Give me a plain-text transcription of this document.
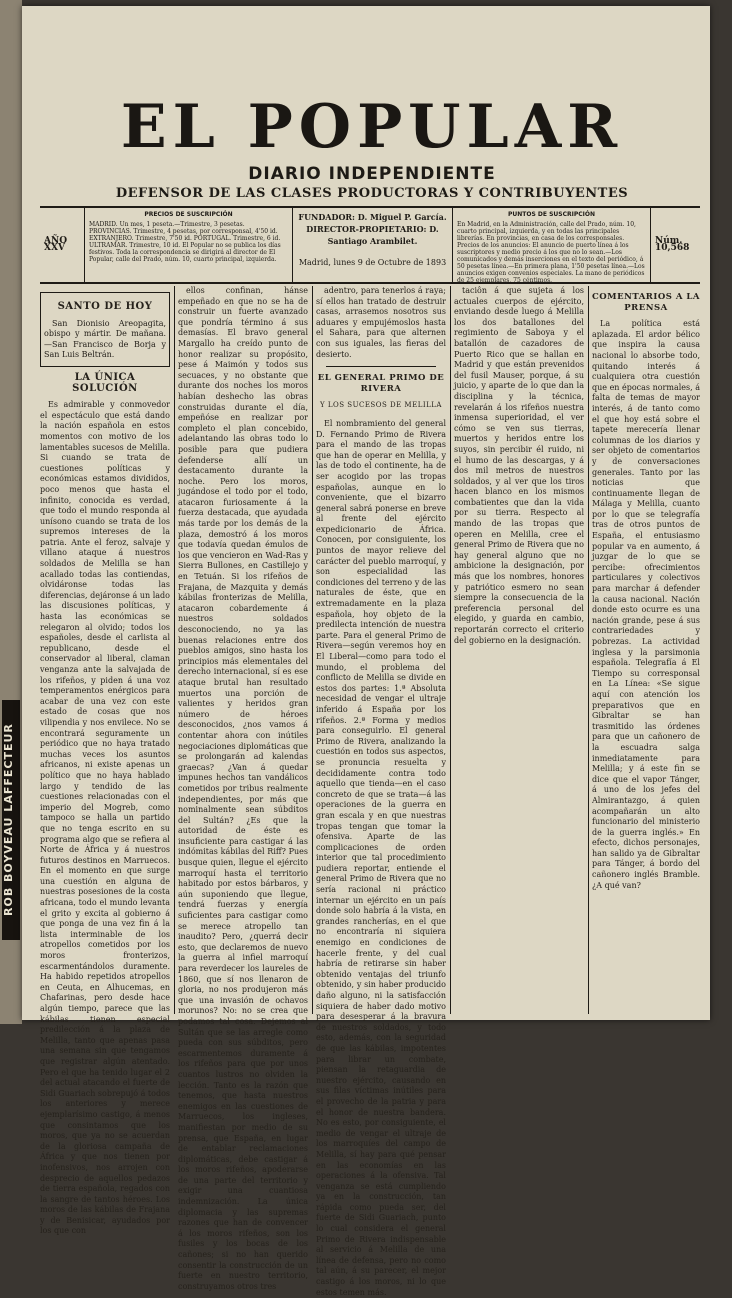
ROB BOYVEAU LAFFECTEUR
EL POPULAR
DIARIO INDEPENDIENTE
DEFENSOR DE LAS CLASES PRODUCTORAS Y CONTRIBUYENTES
AÑO XXV
PRECIOS DE SUSCRIPCIÓN
MADRID. Un mes, 1 peseta.—Trimestre, 3 pesetas. PROVINCIAS. Trimestre, 4 pesetas, por corresponsal, 4'50 id. EXTRANJERO. Trimestre, 7'50 id. PORTUGAL. Trimestre, 6 id. ULTRAMAR. Trimestre, 10 id. El Popular no se publica los días festivos. Toda la correspondencia se dirigirá al director de El Popular, calle del Prado, núm. 10, cuarto principal, izquierda.
FUNDADOR: D. Miguel P. García.
DIRECTOR-PROPIETARIO: D. Santiago Arambilet.
Madrid, lunes 9 de Octubre de 1893
PUNTOS DE SUSCRIPCIÓN
En Madrid, en la Administración, calle del Prado, núm. 10, cuarto principal, izquierda, y en todas las principales librerías. En provincias, en casa de los corresponsales. Precios de los anuncios: El anuncio de puerto línea á los suscriptores y medio precio á los que no lo sean.—Los comunicados y demás inserciones en el texto del periódico, á 50 pesetas línea.—En primera plana, 1'50 pesetas línea.—Los anuncios exigen convenios especiales. La mano de periódicos de 25 ejemplares, 75 céntimos.
Núm. 10,568
SANTO DE HOY

San Dionisio Areopagita, obispo y mártir. De mañana.—San Francisco de Borja y San Luis Beltrán.

LA ÚNICA SOLUCIÓN

Es admirable y conmovedor el espectáculo que está dando la nación española en estos momentos con motivo de los lamentables sucesos de Melilla. Si cuando se trata de cuestiones políticas y económicas estamos divididos, poco menos que hasta el infinito, conocida es verdad, que todo el mundo responda al unísono cuando se trata de los supremos intereses de la patria. Ante el feroz, salvaje y villano ataque á nuestros soldados de Melilla se han acallado todas las contiendas, olvidáronse todas las diferencias, dejáronse á un lado las discusiones políticas, y hasta las económicas se relegaron al olvido; todos los españoles, desde el carlista al republicano, desde el conservador al liberal, claman venganza ante la salvajada de los rifeños, y piden á una voz temperamentos enérgicos para acabar de una vez con este estado de cosas que nos vilipendia y nos envilece. No se encontrará seguramente un periódico que no haya tratado muchas veces los asuntos africanos, ni existe apenas un político que no haya hablado largo y tendido de las cuestiones relacionadas con el imperio del Mogreb, como tampoco se halla un partido que no tenga escrito en su programa algo que se refiera al Norte de África y á nuestros futuros destinos en Marruecos. En el momento en que surge una cuestión en alguna de nuestras posesiones de la costa africana, todo el mundo levanta el grito y excita al gobierno á que ponga de una vez fin á la lista interminable de los atropellos cometidos por los moros fronterizos, escarmentándolos duramente. Ha habido repetidos atropellos en Ceuta, en Alhucemas, en Chafarinas, pero desde hace algún tiempo, parece que las kábilas tienen especial predilección á la plaza de Melilla, tanto que apenas pasa una semana sin que tengamos que registrar algún atentado. Pero el que ha tenido lugar el 2 del actual atacando el fuerte de Sidi Guariach sobrepujó á todos los anteriores y merece ejemplarísimo castigo, á menos que consintamos que los moros, que ya no se acuerdan de la gloriosa campaña de África y que nos tienen por inofensivos, nos arrojen con desprecio de aquellos pedazos de tierra española, regados con la sangre de tantos héroes. Los moros de las kábilas de Frajana y de Benisicar, ayudados por los que con

ellos confinan, hánse empeñado en que no se ha de construir un fuerte avanzado que pondría término á sus demasías. El bravo general Margallo ha creído punto de honor realizar su propósito, pese á Maimón y todos sus secuaces, y no obstante que durante dos noches los moros habían deshecho las obras construidas durante el día, empeñóse en realizar por completo el plan concebido, adelantando las obras todo lo posible para que pudiera defenderse allí un destacamento durante la noche. Pero los moros, jugándose el todo por el todo, atacaron furiosamente á la fuerza destacada, que ayudada más tarde por los demás de la plaza, demostró á los moros que todavía quedan émulos de los que vencieron en Wad-Ras y Sierra Bullones, en Castillejo y en Tetuán. Si los rifeños de Frajana, de Mazquita y demás kábilas fronterizas de Melilla, atacaron cobardemente á nuestros soldados desconociendo, no ya las buenas relaciones entre dos pueblos amigos, sino hasta los principios más elementales del derecho internacional, sí es ese ataque brutal han resultado muertos una porción de valientes y heridos gran número de héroes desconocidos, ¿nos vamos á contentar ahora con inútiles negociaciones diplomáticas que se prolongarán ad kalendas graecas? ¿Van á quedar impunes hechos tan vandálicos cometidos por tribus realmente independientes, por más que nominalmente sean súbditos del Sultán? ¿Es que la autoridad de éste es insuficiente para castigar á las indómitas kábilas del Riff? Pues busque quien, llegue el ejército marroquí hasta el territorio habitado por estos bárbaros, y aún suponiendo que llegue, tendrá fuerzas y energía suficientes para castigar como se merece atropello tan inaudito? Pero, ¿querrá decir esto, que declaremos de nuevo la guerra al infiel marroquí para reverdecer los laureles de 1860, que sí nos llenaron de gloria, no nos produjeron más que una invasión de ochavos morunos? No: no se crea que podamos tal cosa. Dejemos al Sultán que se las arregle como pueda con sus súbditos, pero escarmentemos duramente á los rifeños para que por unos cuantos lustros no olviden la lección. Tanto es la razón que tenemos, que hasta nuestros enemigos en las cuestiones de Marruecos, los ingleses, manifiestan por medio de su prensa, que España, en lugar de entablar reclamaciones diplomáticas, debe castigar á los moros rifeños, apoderarse de una parte del territorio y exigir una cuantiosa indemnización. La única diplomacia y las supremas razones que han de convencer á los moros rifeños, son los fusiles y los bocas de los cañones; si no han querido consentir la construcción de un fuerte en nuestro territorio, construyamos otros tres

adentro, para tenerlos á raya; sí ellos han tratado de destruir casas, arrasemos nosotros sus aduares y empujémoslos hasta el Sahara, para que alternen con sus iguales, las fieras del desierto.

EL GENERAL PRIMO DE RIVERA
Y LOS SUCESOS DE MELILLA

El nombramiento del general D. Fernando Primo de Rivera para el mando de las tropas que han de operar en Melilla, y las de todo el continente, ha de ser acogido por las tropas españolas, aunque en lo conveniente, que el bizarro general sabrá ponerse en breve al frente del ejército expedicionario de África. Conocen, por consiguiente, los puntos de mayor relieve del carácter del pueblo marroquí, y son especialidad las condiciones del terreno y de las naturales de éste, que en extremadamente en la plaza española, hoy objeto de la predilecta intención de nuestra parte. Para el general Primo de Rivera—según veremos hoy en El Liberal—como para todo el mundo, el problema del conflicto de Melilla se divide en estos dos partes: 1.ª Absoluta necesidad de vengar el ultraje inferido á España por los rifeños. 2.ª Forma y medios para conseguirlo. El general Primo de Rivera, analizando la cuestión en todos sus aspectos, se pronuncia resuelta y decididamente contra todo aquello que tienda—en el caso concreto de que se trata—á las operaciones de la guerra en gran escala y en que nuestras tropas tengan que tomar la ofensiva. Aparte de las complicaciones de orden interior que tal procedimiento pudiera reportar, entiende el general Primo de Rivera que no sería racional ni práctico internar un ejército en un país donde solo habría á la vista, en grandes rancherías, en el que no encontraría ni siquiera enemigo en condiciones de hacerle frente, y del cual habría de retirarse sin haber obtenido ventajas del triunfo obtenido, y sin haber producido daño alguno, ni la satisfacción siquiera de haber dado motivo para desesperar á la bravura de nuestros soldados, y todo esto, además, con la seguridad de que las kábilas, impotentes para librar un combate, piensan la retaguardia de nuestro ejército, causando en sus filas víctimas inútiles para el provecho de la patria y para el honor de nuestra bandera. No es esto, por consiguiente, el medio de vengar el ultraje de los marroquíes del campo de Melilla, sí hay para qué pensar en las economías en las operaciones á la ofensiva. Tal venganza se está cumpliendo ya en la construcción, tan rápida como pueda ser, del fuerte de Sidi Guariach, punto lo cual considera el general Primo de Rivera indispensable al servicio á Melilla de una línea de defensa, pero no como tal aún, á su parecer, el mejor castigo á los moros, ni lo que estos temen más.

taciôn á que sujeta á los actuales cuerpos de ejército, enviando desde luego á Melilla los dos batallones del regimiento de Saboya y el batallón de cazadores de Puerto Rico que se hallan en Madrid y que están prevenidos del fusil Mauser, porque, á su juicio, y aparte de lo que dan la disciplina y la técnica, revelarán á los rifeños nuestra inmensa superioridad, el ver cómo se ven sus tierras, muertos y heridos entre los suyos, sin percibir él ruido, ni el humo de las descargas, y á dos mil metros de nuestros soldados, y al ver que los tiros hacen blanco en los mismos combatientes que dan la vida por su tierra. Respecto al mando de las tropas que operen en Melilla, cree el general Primo de Rivera que no hay general alguno que no ambicione la designación, por más que los nombres, honores y patriótico esmero no sean siempre la consecuencia de la preferencia personal del elegido, y guarda en cambio, reportarán correcto el criterio del gobierno en la designación.

COMENTARIOS A LA PRENSA

La política está aplazada. El ardor bélico que inspira la causa nacional lo absorbe todo, quitando interés á cualquiera otra cuestión que en épocas normales, á falta de temas de mayor interés, á de tanto como el que hoy está sobre el tapete merecería llenar columnas de los diarios y ser objeto de comentarios y de conversaciones generales. Tanto por las noticias que continuamente llegan de Málaga y Melilla, cuanto por lo que se telegrafía tras de otros puntos de España, el entusiasmo popular va en aumento, á juzgar de lo que se percibe: ofrecimientos particulares y colectivos para marchar á defender la causa nacional. Nación donde esto ocurre es una nación grande, pese á sus contrariedades y pobrezas. La actividad inglesa y la parsimonia española. Telegrafía á El Tiempo su corresponsal en La Línea: «Se sigue aquí con atención los preparativos que en Gibraltar se han trasmitido las órdenes para que un cañonero de la escuadra salga inmediatamente para Melilla; y á este fin se dice que el vapor Tánger, á uno de los jefes del Almirantazgo, á quien acompañarán un alto funcionario del ministerio de la guerra inglés.» En efecto, dichos personajes, han salido ya de Gibraltar para Tánger, á bordo del cañonero inglés Bramble. ¿A qué van?
